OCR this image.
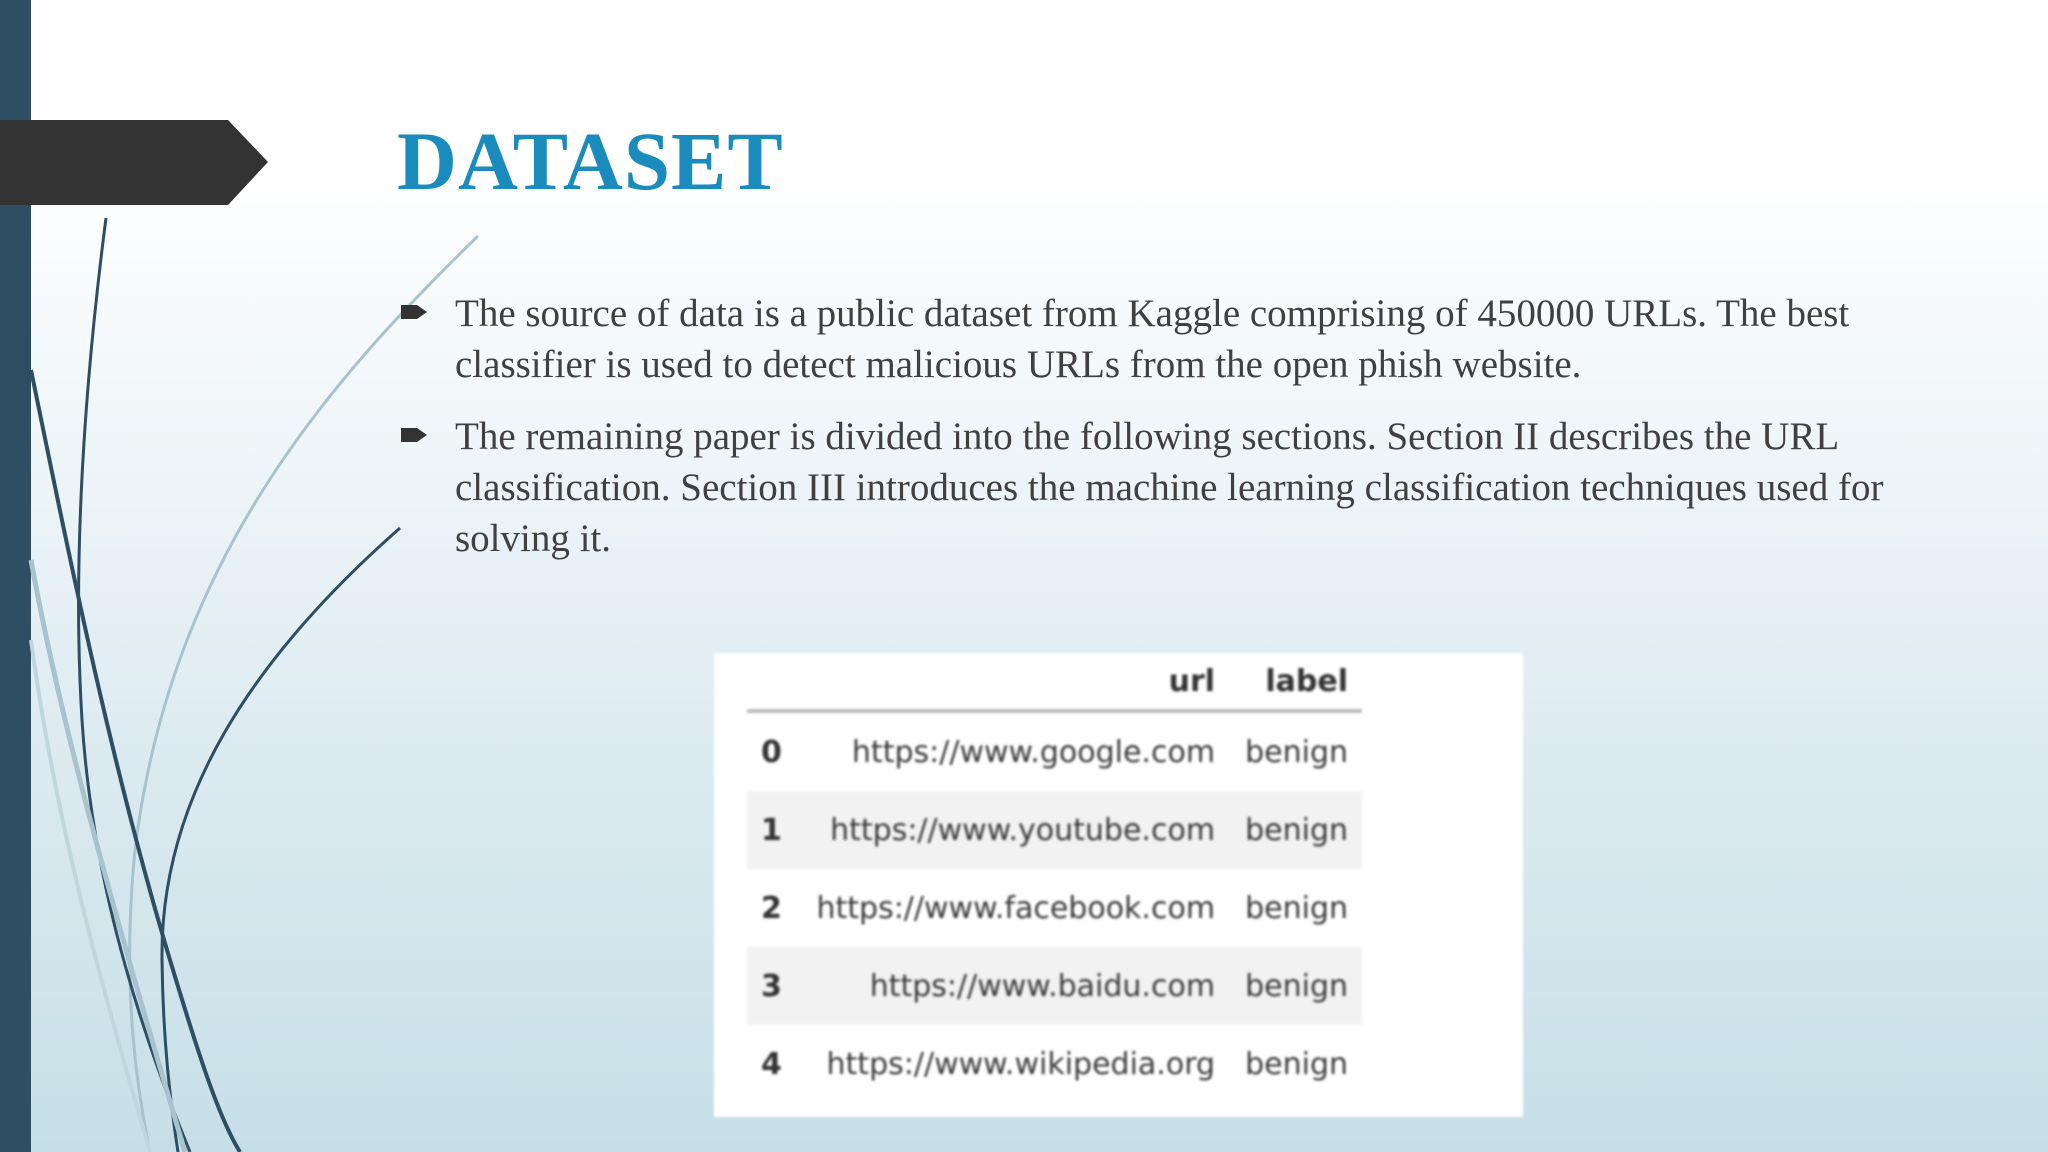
DATASET
The source of data is a public dataset from Kaggle comprising of 450000 URLs. The best classifier is used to detect malicious URLs from the open phish website.
The remaining paper is divided into the following sections. Section II describes the URL classification. Section III introduces the machine learning classification techniques used for solving it.
	url	label
0	https://www.google.com	benign
1	https://www.youtube.com	benign
2	https://www.facebook.com	benign
3	https://www.baidu.com	benign
4	https://www.wikipedia.org	benign
